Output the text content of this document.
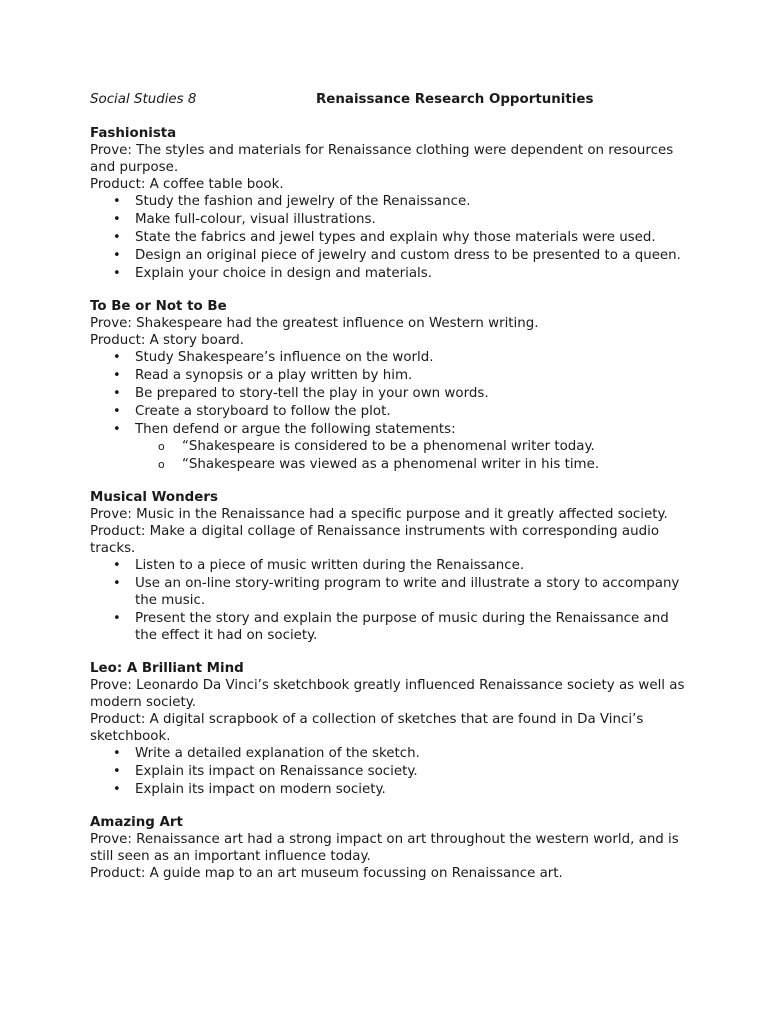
Social Studies 8	Renaissance Research Opportunities
Fashionista

Prove: The styles and materials for Renaissance clothing were dependent on resources and purpose.

Product: A coffee table book.

• Study the fashion and jewelry of the Renaissance.
• Make full-colour, visual illustrations.
• State the fabrics and jewel types and explain why those materials were used.
• Design an original piece of jewelry and custom dress to be presented to a queen.
• Explain your choice in design and materials.
To Be or Not to Be

Prove: Shakespeare had the greatest influence on Western writing.

Product: A story board.

• Study Shakespeare’s influence on the world.
• Read a synopsis or a play written by him.
• Be prepared to story-tell the play in your own words.
• Create a storyboard to follow the plot.
• Then defend or argue the following statements:
o “Shakespeare is considered to be a phenomenal writer today.
o “Shakespeare was viewed as a phenomenal writer in his time.
Musical Wonders

Prove: Music in the Renaissance had a specific purpose and it greatly affected society.

Product: Make a digital collage of Renaissance instruments with corresponding audio tracks.

• Listen to a piece of music written during the Renaissance.
• Use an on-line story-writing program to write and illustrate a story to accompany the music.
• Present the story and explain the purpose of music during the Renaissance and the effect it had on society.
Leo: A Brilliant Mind

Prove: Leonardo Da Vinci’s sketchbook greatly influenced Renaissance society as well as modern society.

Product: A digital scrapbook of a collection of sketches that are found in Da Vinci’s sketchbook.

• Write a detailed explanation of the sketch.
• Explain its impact on Renaissance society.
• Explain its impact on modern society.
Amazing Art

Prove: Renaissance art had a strong impact on art throughout the western world, and is still seen as an important influence today.

Product: A guide map to an art museum focussing on Renaissance art.
